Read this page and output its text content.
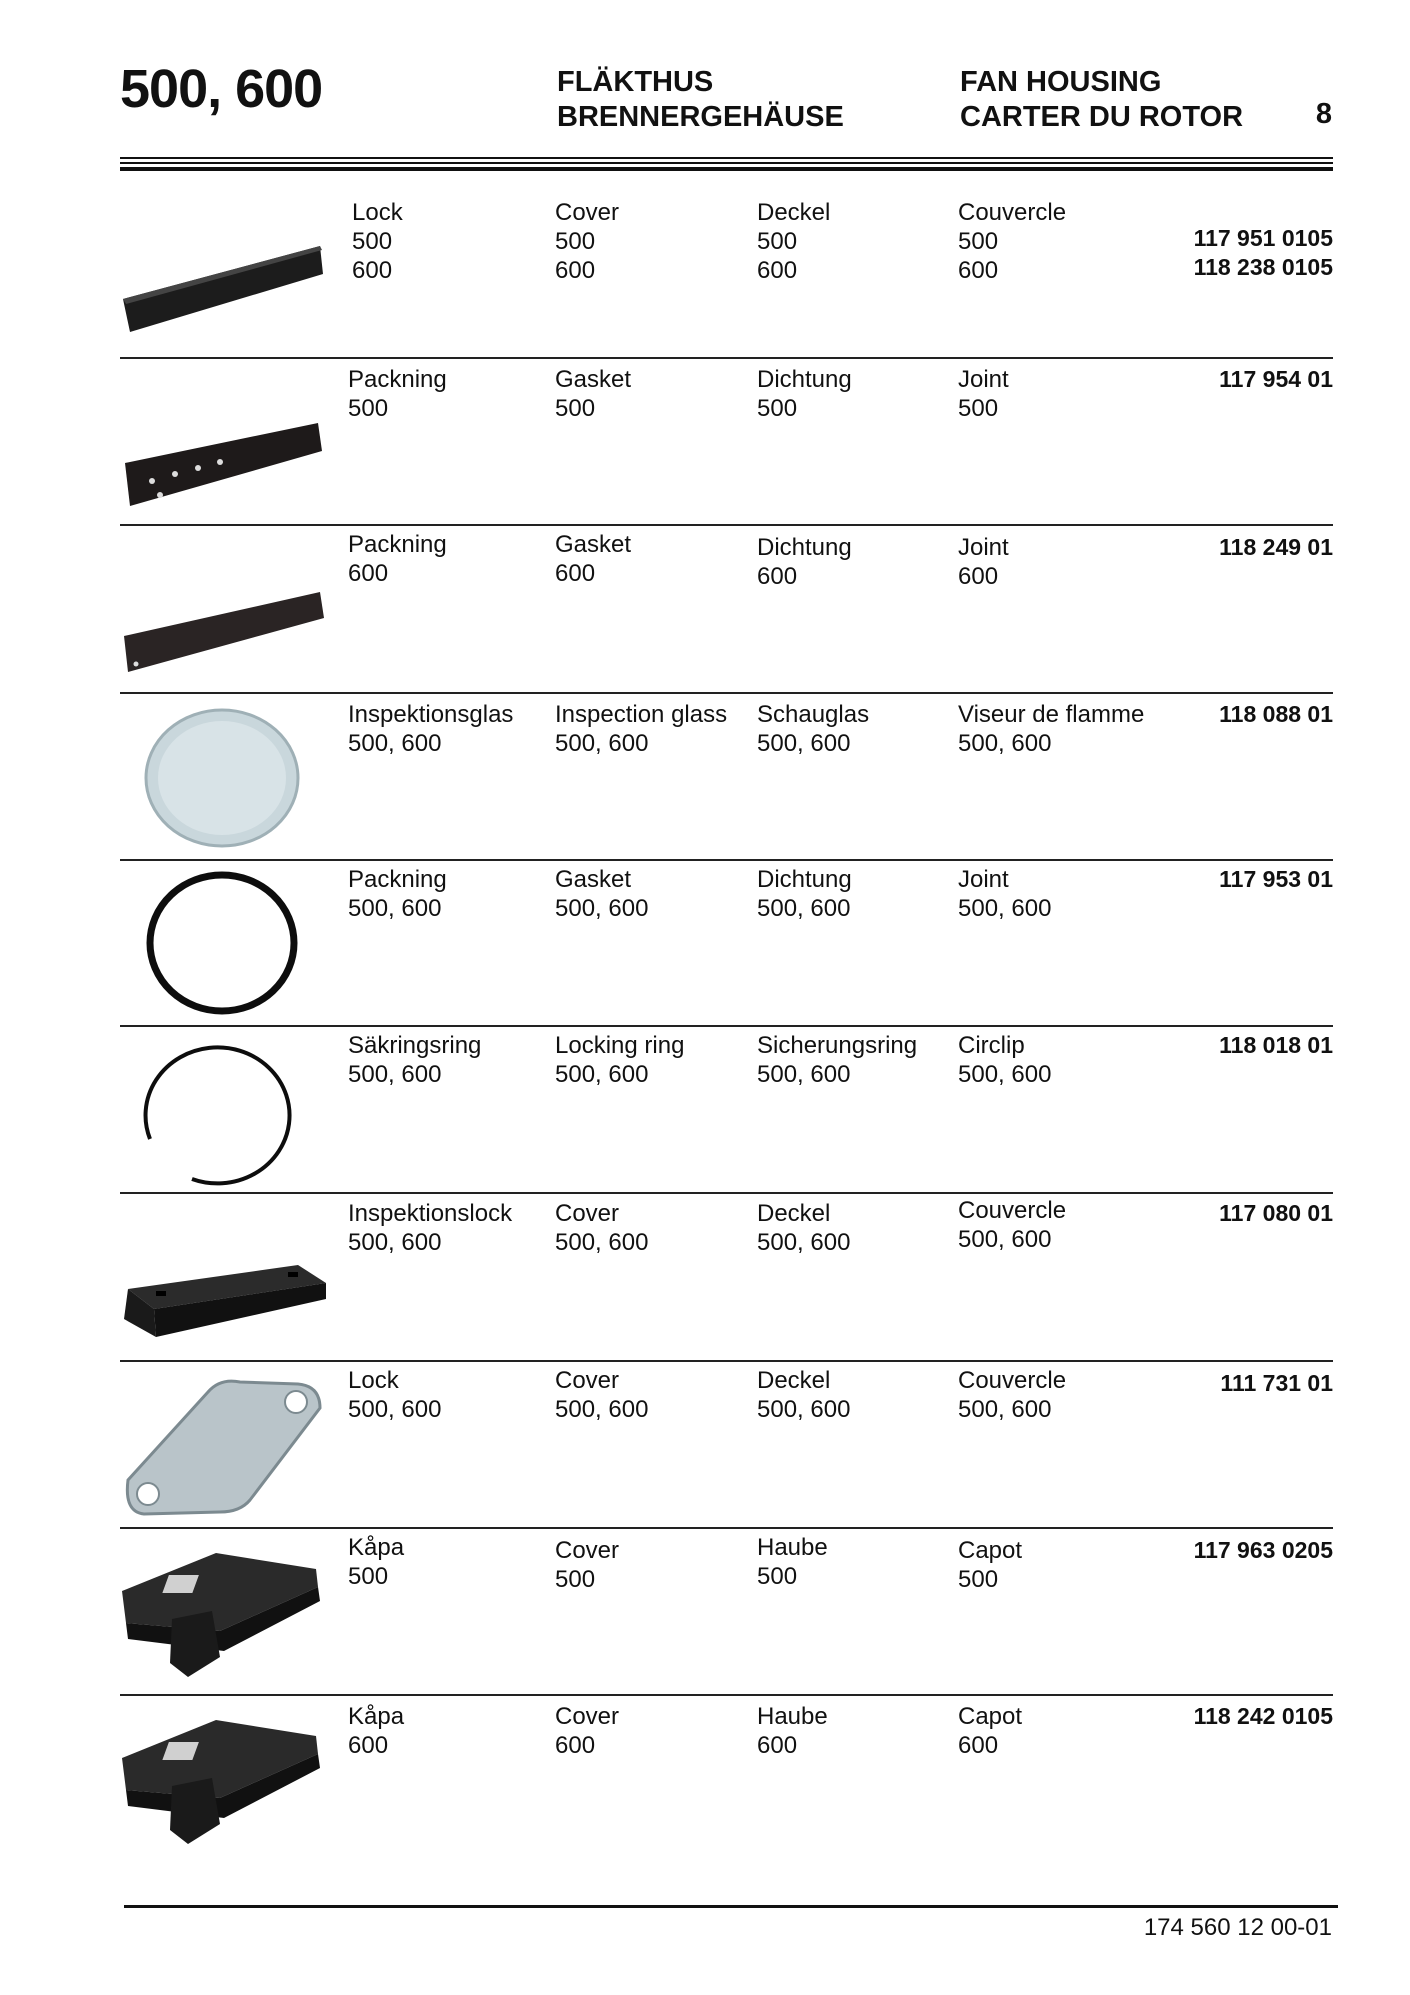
500, 600	FLÄKTHUS
BRENNERGEHÄUSE
FAN HOUSING
CARTER DU ROTOR	8
Lock
500
600
Cover
500
600
Deckel
500
600
Couvercle
500
600
117 951 0105
118 238 0105
Packning
500
Gasket
500
Dichtung
500
Joint
500
117 954 01
Packning
600
Gasket
600
Dichtung
600
Joint
600
118 249 01
Inspektionsglas
500, 600
Inspection glass
500, 600
Schauglas
500, 600
Viseur de flamme
500, 600
118 088 01
Packning
500, 600
Gasket
500, 600
Dichtung
500, 600
Joint
500, 600
117 953 01
Säkringsring
500, 600
Locking ring
500, 600
Sicherungsring
500, 600
Circlip
500, 600
118 018 01
Inspektionslock
500, 600
Cover
500, 600
Deckel
500, 600
Couvercle
500, 600
117 080 01
Lock
500, 600
Cover
500, 600
Deckel
500, 600
Couvercle
500, 600
111 731 01
Kåpa
500
Cover
500
Haube
500
Capot
500
117 963 0205
Kåpa
600
Cover
600
Haube
600
Capot
600
118 242 0105
174 560 12 00-01
